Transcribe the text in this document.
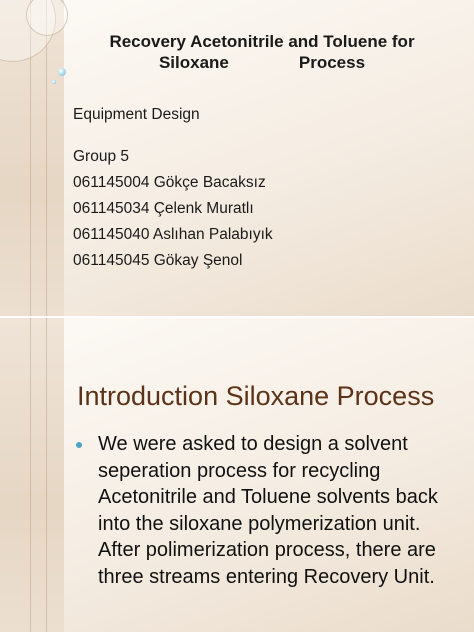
Recovery Acetonitrile and Toluene for
Siloxane	Process
Equipment Design
Group 5
061145004 Gökçe Bacaksız
061145034 Çelenk Muratlı
061145040 Aslıhan Palabıyık
061145045 Gökay Şenol
Introduction Siloxane Process
We were asked to design a solvent
seperation process for recycling
Acetonitrile and Toluene solvents back
into the siloxane polymerization unit.
After polimerization process, there are
three streams entering Recovery Unit.
